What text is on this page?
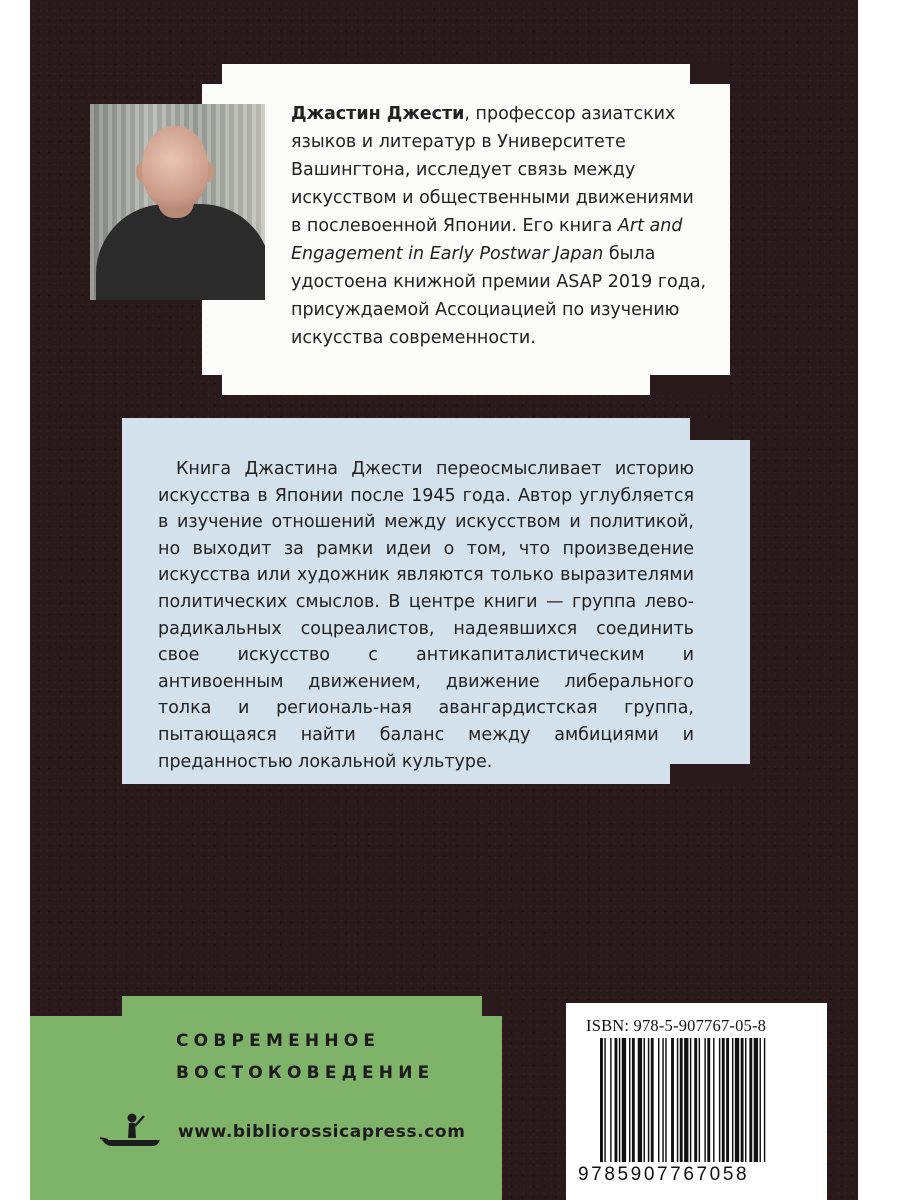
Джастин Джести, профессор азиатских
языков и литератур в Университете
Вашингтона, исследует связь между
искусством и общественными движениями
в послевоенной Японии. Его книга Art and
Engagement in Early Postwar Japan была
удостоена книжной премии ASAP 2019 года,
присуждаемой Ассоциацией по изучению
искусства современности.

Книга Джастина Джести переосмысливает историю искусства в Японии после 1945 года. Автор углубляется в изучение отношений между искусством и политикой, но выходит за рамки идеи о том, что произведение искусства или художник являются только выразителями политических смыслов. В центре книги — группа лево-радикальных соцреалистов, надеявшихся соединить свое искусство с антикапиталистическим и антивоенным движением, движение либерального толка и региональ-ная авангардистская группа, пытающаяся найти баланс между амбициями и преданностью локальной культуре.

СОВРЕМЕННОЕ
ВОСТОКОВЕДЕНИЕ

www.bibliorossicapress.com

ISBN: 978-5-907767-05-8

9785907767058
